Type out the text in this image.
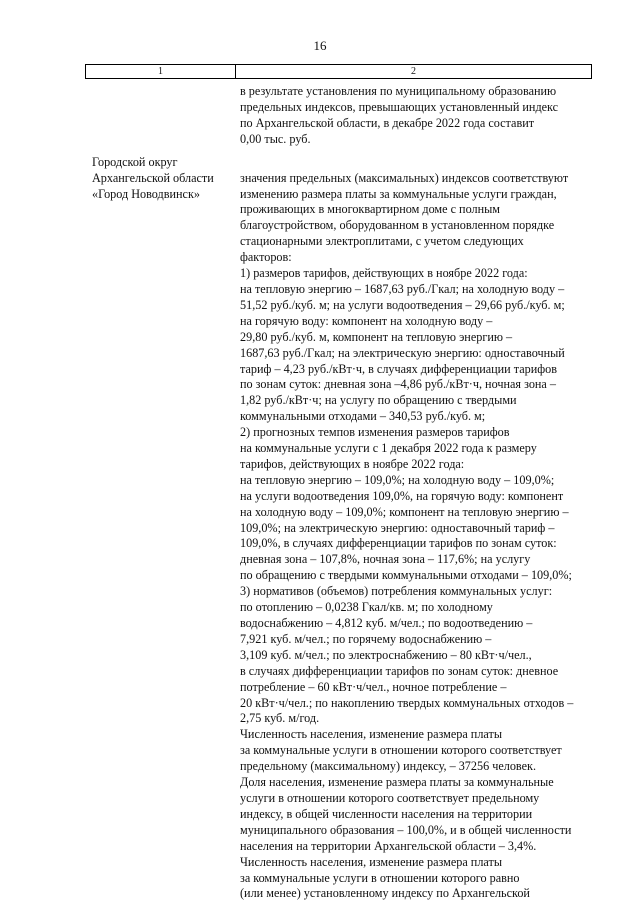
16
1	2
Городской округ
Архангельской области
«Город Новодвинск»
в результате установления по муниципальному образованию
предельных индексов, превышающих установленный индекс
по Архангельской области, в декабре 2022 года составит
0,00 тыс. руб.
значения предельных (максимальных) индексов соответствуют
изменению размера платы за коммунальные услуги граждан,
проживающих в многоквартирном доме с полным
благоустройством, оборудованном в установленном порядке
стационарными электроплитами, с учетом следующих
факторов:
1) размеров тарифов, действующих в ноябре 2022 года:
на тепловую энергию – 1687,63 руб./Гкал; на холодную воду –
51,52 руб./куб. м; на услуги водоотведения – 29,66 руб./куб. м;
на горячую воду: компонент на холодную воду –
29,80 руб./куб. м, компонент на тепловую энергию –
1687,63 руб./Гкал; на электрическую энергию: одноставочный
тариф – 4,23 руб./кВт·ч, в случаях дифференциации тарифов
по зонам суток: дневная зона –4,86 руб./кВт·ч, ночная зона –
1,82 руб./кВт·ч; на услугу по обращению с твердыми
коммунальными отходами – 340,53 руб./куб. м;
2) прогнозных темпов изменения размеров тарифов
на коммунальные услуги с 1 декабря 2022 года к размеру
тарифов, действующих в ноябре 2022 года:
на тепловую энергию – 109,0%; на холодную воду – 109,0%;
на услуги водоотведения 109,0%, на горячую воду: компонент
на холодную воду – 109,0%; компонент на тепловую энергию –
109,0%; на электрическую энергию: одноставочный тариф –
109,0%, в случаях дифференциации тарифов по зонам суток:
дневная зона – 107,8%, ночная зона – 117,6%; на услугу
по обращению с твердыми коммунальными отходами – 109,0%;
3) нормативов (объемов) потребления коммунальных услуг:
по отоплению – 0,0238 Гкал/кв. м; по холодному
водоснабжению – 4,812 куб. м/чел.; по водоотведению –
7,921 куб. м/чел.; по горячему водоснабжению –
3,109 куб. м/чел.; по электроснабжению – 80 кВт·ч/чел.,
в случаях дифференциации тарифов по зонам суток: дневное
потребление – 60 кВт·ч/чел., ночное потребление –
20 кВт·ч/чел.; по накоплению твердых коммунальных отходов –
2,75 куб. м/год.
Численность населения, изменение размера платы
за коммунальные услуги в отношении которого соответствует
предельному (максимальному) индексу, – 37256 человек.
Доля населения, изменение размера платы за коммунальные
услуги в отношении которого соответствует предельному
индексу, в общей численности населения на территории
муниципального образования – 100,0%, и в общей численности
населения на территории Архангельской области – 3,4%.
Численность населения, изменение размера платы
за коммунальные услуги в отношении которого равно
(или менее) установленному индексу по Архангельской
